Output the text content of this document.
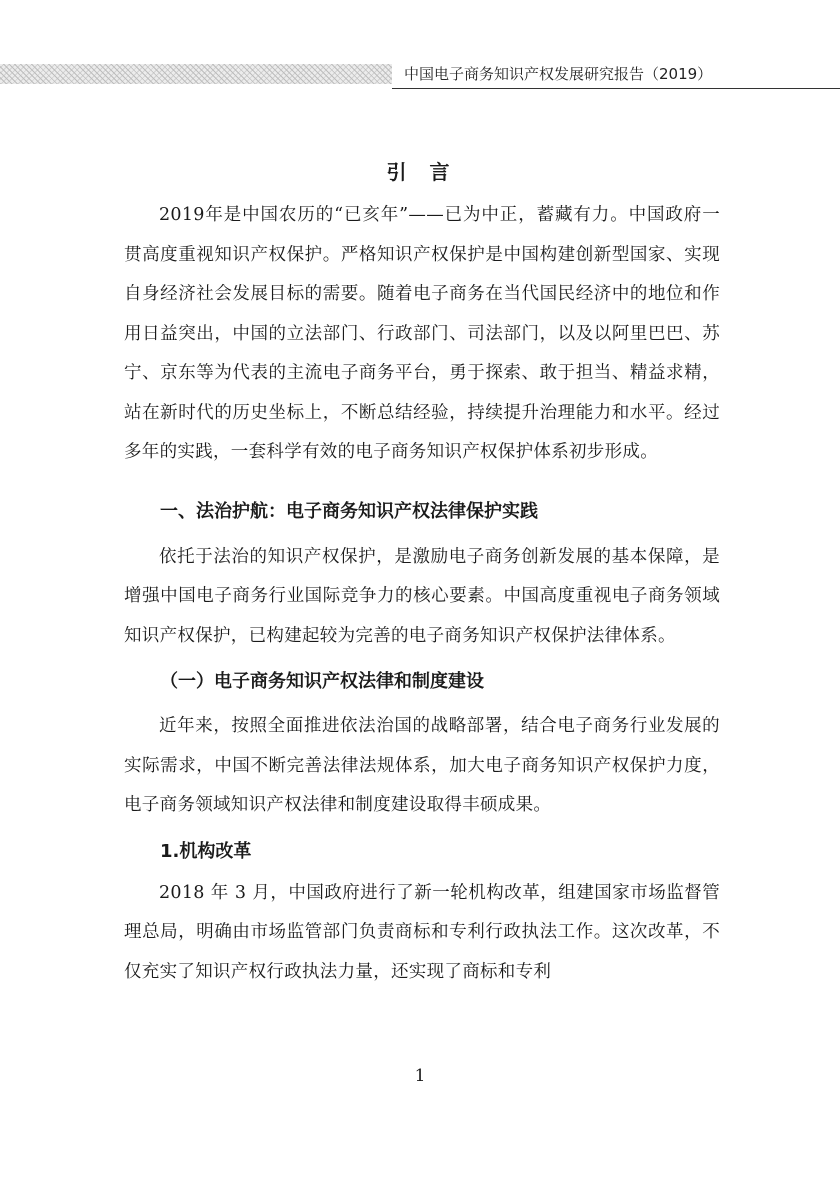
中国电子商务知识产权发展研究报告（2019）
引 言

2019年是中国农历的“已亥年”——已为中正，蓄藏有力。中国政府一贯高度重视知识产权保护。严格知识产权保护是中国构建创新型国家、实现自身经济社会发展目标的需要。随着电子商务在当代国民经济中的地位和作用日益突出，中国的立法部门、行政部门、司法部门，以及以阿里巴巴、苏宁、京东等为代表的主流电子商务平台，勇于探索、敢于担当、精益求精，站在新时代的历史坐标上，不断总结经验，持续提升治理能力和水平。经过多年的实践，一套科学有效的电子商务知识产权保护体系初步形成。

一、法治护航：电子商务知识产权法律保护实践

依托于法治的知识产权保护，是激励电子商务创新发展的基本保障，是增强中国电子商务行业国际竞争力的核心要素。中国高度重视电子商务领域知识产权保护，已构建起较为完善的电子商务知识产权保护法律体系。

（一）电子商务知识产权法律和制度建设

近年来，按照全面推进依法治国的战略部署，结合电子商务行业发展的实际需求，中国不断完善法律法规体系，加大电子商务知识产权保护力度，电子商务领域知识产权法律和制度建设取得丰硕成果。

1.机构改革

2018 年 3 月，中国政府进行了新一轮机构改革，组建国家市场监督管理总局，明确由市场监管部门负责商标和专利行政执法工作。这次改革，不仅充实了知识产权行政执法力量，还实现了商标和专利

1
